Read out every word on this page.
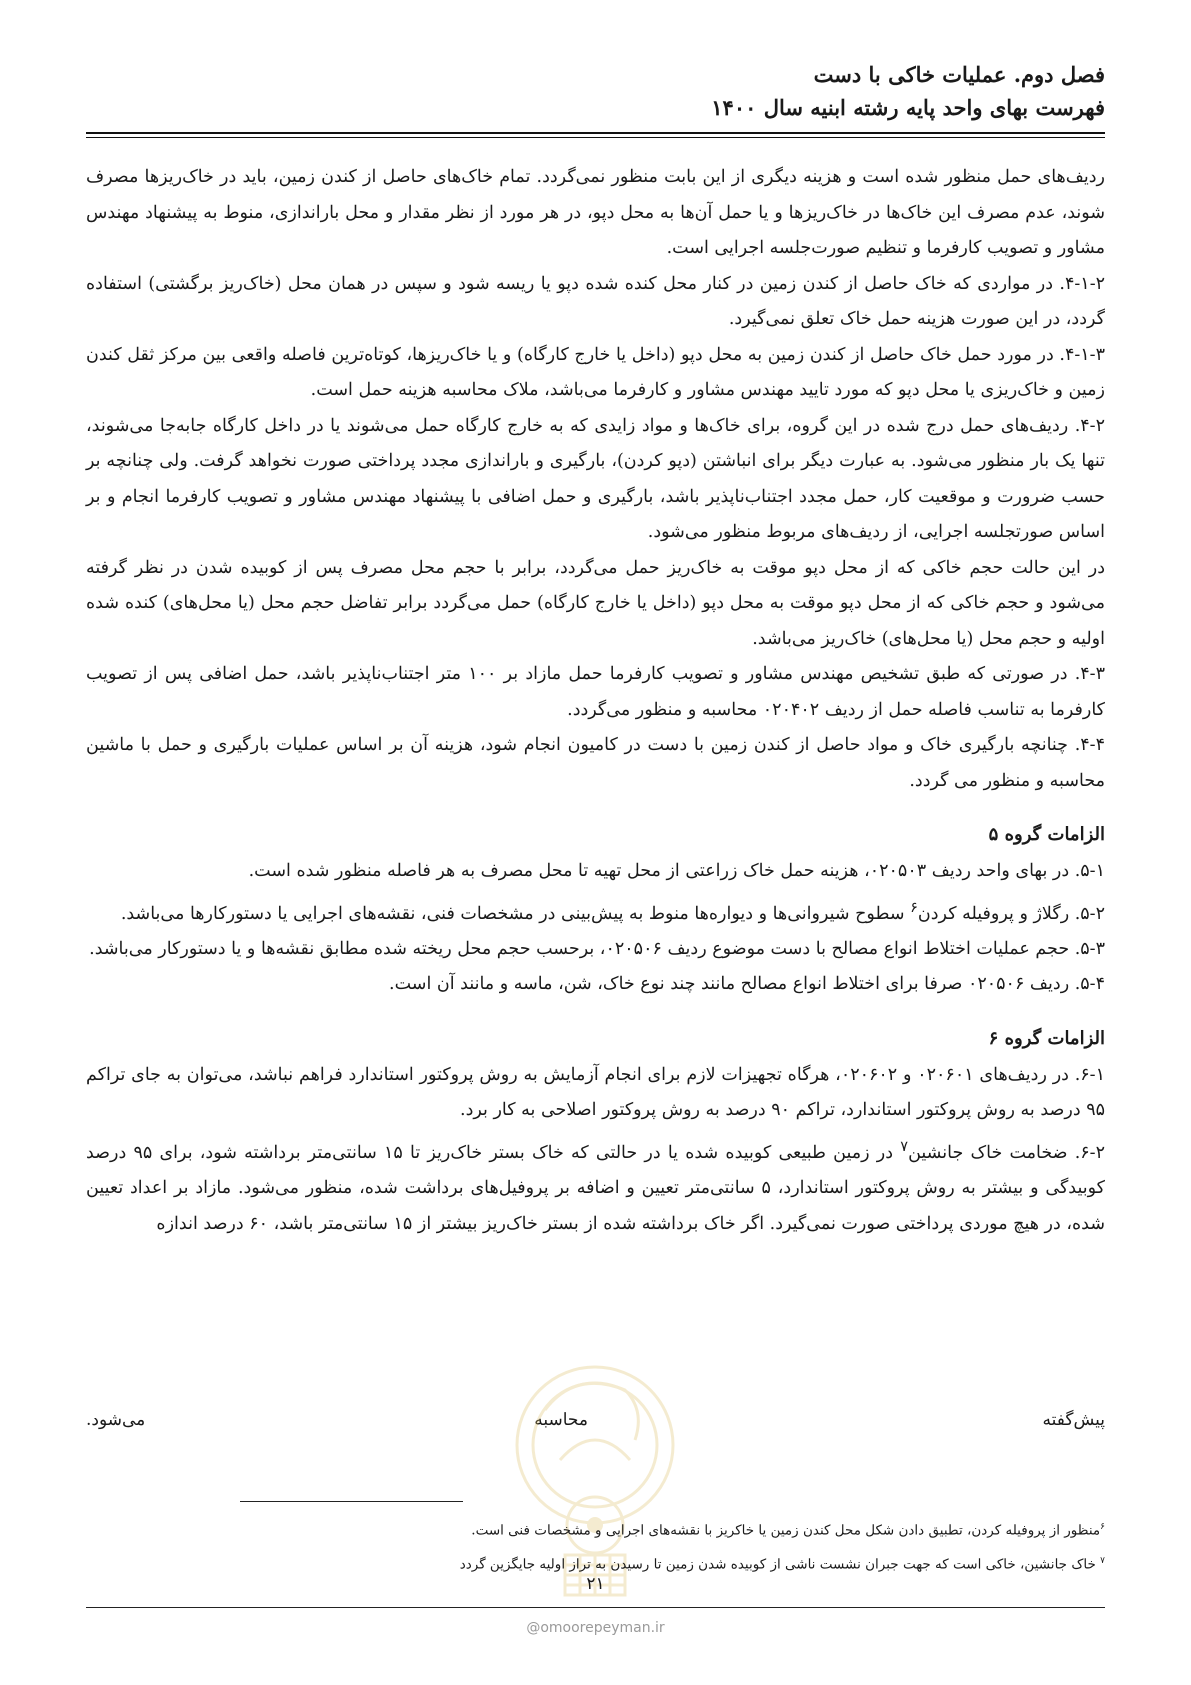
فصل دوم. عملیات خاکی با دست
فهرست بهای واحد پایه رشته ابنیه سال ۱۴۰۰

ردیف‌های حمل منظور شده است و هزینه دیگری از این بابت منظور نمی‌گردد. تمام خاک‌های حاصل از کندن زمین، باید در خاک‌ریزها مصرف شوند، عدم مصرف این خاک‌ها در خاک‌ریزها و یا حمل آن‌ها به محل دپو، در هر مورد از نظر مقدار و محل باراندازی، منوط به پیشنهاد مهندس مشاور و تصویب کارفرما و تنظیم صورت‌جلسه اجرایی است.

۴-۱-۲. در مواردی که خاک حاصل از کندن زمین در کنار محل کنده شده دپو یا ریسه شود و سپس در همان محل (خاک‌ریز برگشتی) استفاده گردد، در این صورت هزینه حمل خاک تعلق نمی‌گیرد.

۴-۱-۳. در مورد حمل خاک حاصل از کندن زمین به محل دپو (داخل یا خارج کارگاه) و یا خاک‌ریزها، کوتاه‌ترین فاصله واقعی بین مرکز ثقل کندن زمین و خاک‌ریزی یا محل دپو که مورد تایید مهندس مشاور و کارفرما می‌باشد، ملاک محاسبه هزینه حمل است.

۴-۲. ردیف‌های حمل درج شده در این گروه، برای خاک‌ها و مواد زایدی که به خارج کارگاه حمل می‌شوند یا در داخل کارگاه جابه‌جا می‌شوند، تنها یک بار منظور می‌شود. به عبارت دیگر برای انباشتن (دپو کردن)، بارگیری و باراندازی مجدد پرداختی صورت نخواهد گرفت. ولی چنانچه بر حسب ضرورت و موقعیت کار، حمل مجدد اجتناب‌ناپذیر باشد، بارگیری و حمل اضافی با پیشنهاد مهندس مشاور و تصویب کارفرما انجام و بر اساس صورتجلسه اجرایی، از ردیف‌های مربوط منظور می‌شود.

در این حالت حجم خاکی که از محل دپو موقت به خاک‌ریز حمل می‌گردد، برابر با حجم محل مصرف پس از کوبیده شدن در نظر گرفته می‌شود و حجم خاکی که از محل دپو موقت به محل دپو (داخل یا خارج کارگاه) حمل می‌گردد برابر تفاضل حجم محل (یا محل‌های) کنده شده اولیه و حجم محل (یا محل‌های) خاک‌ریز می‌باشد.

۴-۳. در صورتی که طبق تشخیص مهندس مشاور و تصویب کارفرما حمل مازاد بر ۱۰۰ متر اجتناب‌ناپذیر باشد، حمل اضافی پس از تصویب کارفرما به تناسب فاصله حمل از ردیف ۰۲۰۴۰۲ محاسبه و منظور می‌گردد.

۴-۴. چنانچه بارگیری خاک و مواد حاصل از کندن زمین با دست در کامیون انجام شود، هزینه آن بر اساس عملیات بارگیری و حمل با ماشین محاسبه و منظور می گردد.

الزامات گروه ۵

۵-۱. در بهای واحد ردیف ۰۲۰۵۰۳، هزینه حمل خاک زراعتی از محل تهیه تا محل مصرف به هر فاصله منظور شده است.

۵-۲. رگلاژ و پروفیله کردن$^۶$ سطوح شیروانی‌ها و دیواره‌ها منوط به پیش‌بینی در مشخصات فنی، نقشه‌های اجرایی یا دستورکارها می‌باشد.

۵-۳. حجم عملیات اختلاط انواع مصالح با دست موضوع ردیف ۰۲۰۵۰۶، برحسب حجم محل ریخته شده مطابق نقشه‌ها و یا دستورکار می‌باشد.

۵-۴. ردیف ۰۲۰۵۰۶ صرفا برای اختلاط انواع مصالح مانند چند نوع خاک، شن، ماسه و مانند آن است.

الزامات گروه ۶

۶-۱. در ردیف‌های ۰۲۰۶۰۱ و ۰۲۰۶۰۲، هرگاه تجهیزات لازم برای انجام آزمایش به روش پروکتور استاندارد فراهم نباشد، می‌توان به جای تراکم ۹۵ درصد به روش پروکتور استاندارد، تراکم ۹۰ درصد به روش پروکتور اصلاحی به کار برد.

۶-۲. ضخامت خاک جانشین$^۷$ در زمین طبیعی کوبیده شده یا در حالتی که خاک بستر خاک‌ریز تا ۱۵ سانتی‌متر برداشته شود، برای ۹۵ درصد کوبیدگی و بیشتر به روش پروکتور استاندارد، ۵ سانتی‌متر تعیین و اضافه بر پروفیل‌های برداشت شده، منظور می‌شود. مازاد بر اعداد تعیین شده، در هیچ موردی پرداختی صورت نمی‌گیرد. اگر خاک برداشته شده از بستر خاک‌ریز بیشتر از ۱۵ سانتی‌متر باشد، ۶۰ درصد اندازه

پیش‌گفته
محاسبه
می‌شود.
$^۶$منظور از پروفیله کردن، تطبیق دادن شکل محل کندن زمین یا خاکریز با نقشه‌های اجرایی و مشخصات فنی است.
$^۷$ خاک جانشین، خاکی است که جهت جبران نشست ناشی از کوبیده شدن زمین تا رسیدن به تراز اولیه جایگزین گردد
۲۱
@omoorepeyman.ir
